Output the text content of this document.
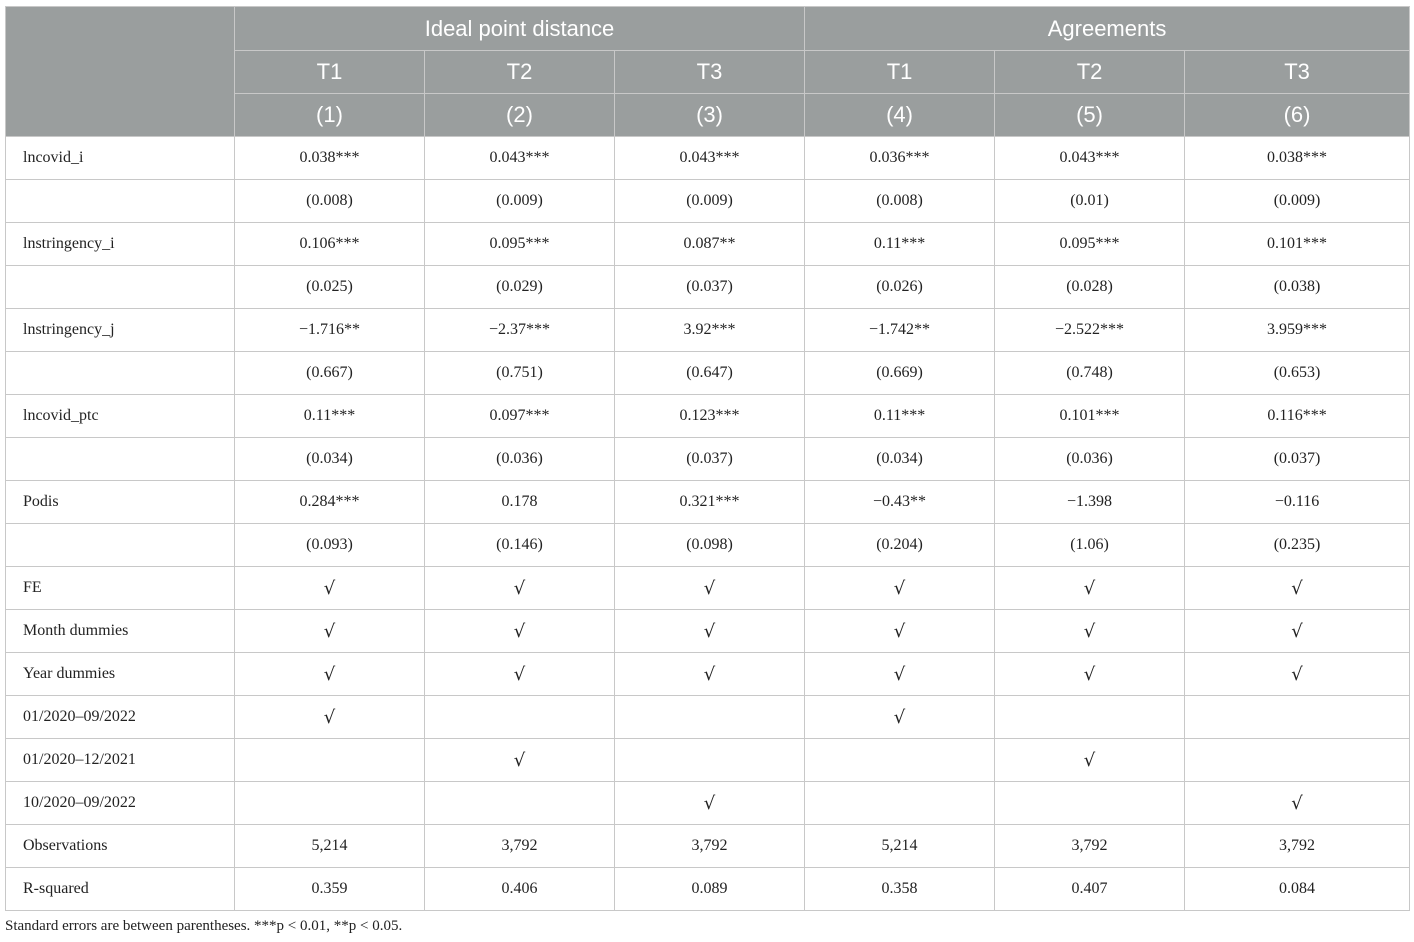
	Ideal point distance			Agreements		
	T1	T2	T3	T1	T2	T3
	(1)	(2)	(3)	(4)	(5)	(6)
lncovid_i	0.038***	0.043***	0.043***	0.036***	0.043***	0.038***
	(0.008)	(0.009)	(0.009)	(0.008)	(0.01)	(0.009)
lnstringency_i	0.106***	0.095***	0.087**	0.11***	0.095***	0.101***
	(0.025)	(0.029)	(0.037)	(0.026)	(0.028)	(0.038)
lnstringency_j	−1.716**	−2.37***	3.92***	−1.742**	−2.522***	3.959***
	(0.667)	(0.751)	(0.647)	(0.669)	(0.748)	(0.653)
lncovid_ptc	0.11***	0.097***	0.123***	0.11***	0.101***	0.116***
	(0.034)	(0.036)	(0.037)	(0.034)	(0.036)	(0.037)
Podis	0.284***	0.178	0.321***	−0.43**	−1.398	−0.116
	(0.093)	(0.146)	(0.098)	(0.204)	(1.06)	(0.235)
FE	√	√	√	√	√	√
Month dummies	√	√	√	√	√	√
Year dummies	√	√	√	√	√	√
01/2020–09/2022	√			√		
01/2020–12/2021		√			√	
10/2020–09/2022			√			√
Observations	5,214	3,792	3,792	5,214	3,792	3,792
R-squared	0.359	0.406	0.089	0.358	0.407	0.084
Standard errors are between parentheses. ***p < 0.01, **p < 0.05.
